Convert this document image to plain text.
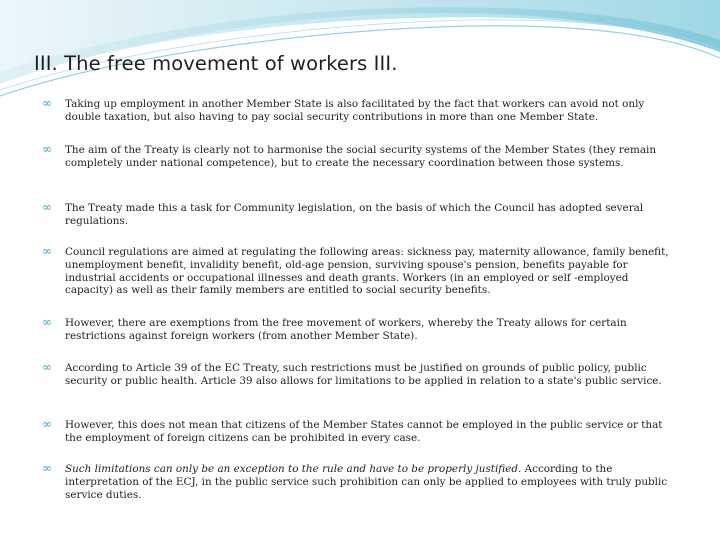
III. The free movement of workers III.
∞	Taking up employment in another Member State is also facilitated by the fact that workers can avoid not only double taxation, but also having to pay social security contributions in more than one Member State.
∞	The aim of the Treaty is clearly not to harmonise the social security systems of the Member States (they remain completely under national competence), but to create the necessary coordination between those systems.
∞	The Treaty made this a task for Community legislation, on the basis of which the Council has adopted several regulations.
∞	Council regulations are aimed at regulating the following areas: sickness pay, maternity allowance, family benefit, unemployment benefit, invalidity benefit, old-age pension, surviving spouse's pension, benefits payable for industrial accidents or occupational illnesses and death grants. Workers (in an employed or self -employed capacity) as well as their family members are entitled to social security benefits.
∞	However, there are exemptions from the free movement of workers, whereby the Treaty allows for certain restrictions against foreign workers (from another Member State).
∞	According to Article 39 of the EC Treaty, such restrictions must be justified on grounds of public policy, public security or public health. Article 39 also allows for limitations to be applied in relation to a state's public service.
∞	However, this does not mean that citizens of the Member States cannot be employed in the public service or that the employment of foreign citizens can be prohibited in every case.
∞	Such limitations can only be an exception to the rule and have to be properly justified. According to the interpretation of the ECJ, in the public service such prohibition can only be applied to employees with truly public service duties.
